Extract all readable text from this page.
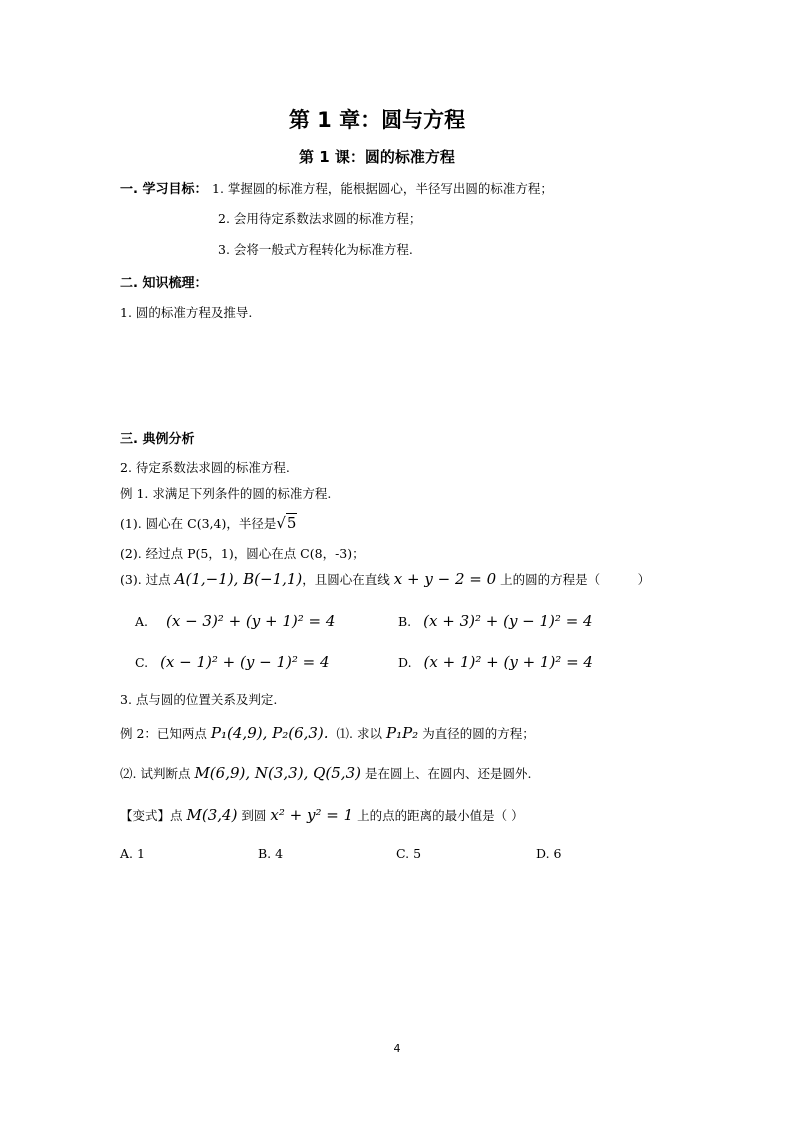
第 1 章：圆与方程
第 1 课：圆的标准方程
一. 学习目标： 1. 掌握圆的标准方程，能根据圆心，半径写出圆的标准方程；
2. 会用待定系数法求圆的标准方程；
3. 会将一般式方程转化为标准方程.
二. 知识梳理：
1. 圆的标准方程及推导.
三. 典例分析
2. 待定系数法求圆的标准方程.
例 1. 求满足下列条件的圆的标准方程.
(1). 圆心在 C(3,4)，半径是√5
(2). 经过点 P(5，1)，圆心在点 C(8，-3)；
(3). 过点 A(1,−1), B(−1,1)，且圆心在直线 x + y − 2 = 0 上的圆的方程是（　　　）
A. (x − 3)² + (y + 1)² = 4	B. (x + 3)² + (y − 1)² = 4
C. (x − 1)² + (y − 1)² = 4	D. (x + 1)² + (y + 1)² = 4
3. 点与圆的位置关系及判定.
例 2：已知两点 P₁(4,9), P₂(6,3). ⑴. 求以 P₁P₂ 为直径的圆的方程；
⑵. 试判断点 M(6,9), N(3,3), Q(5,3) 是在圆上、在圆内、还是圆外.
【变式】点 M(3,4) 到圆 x² + y² = 1 上的点的距离的最小值是（ ）
A. 1	B. 4	C. 5	D. 6
4
